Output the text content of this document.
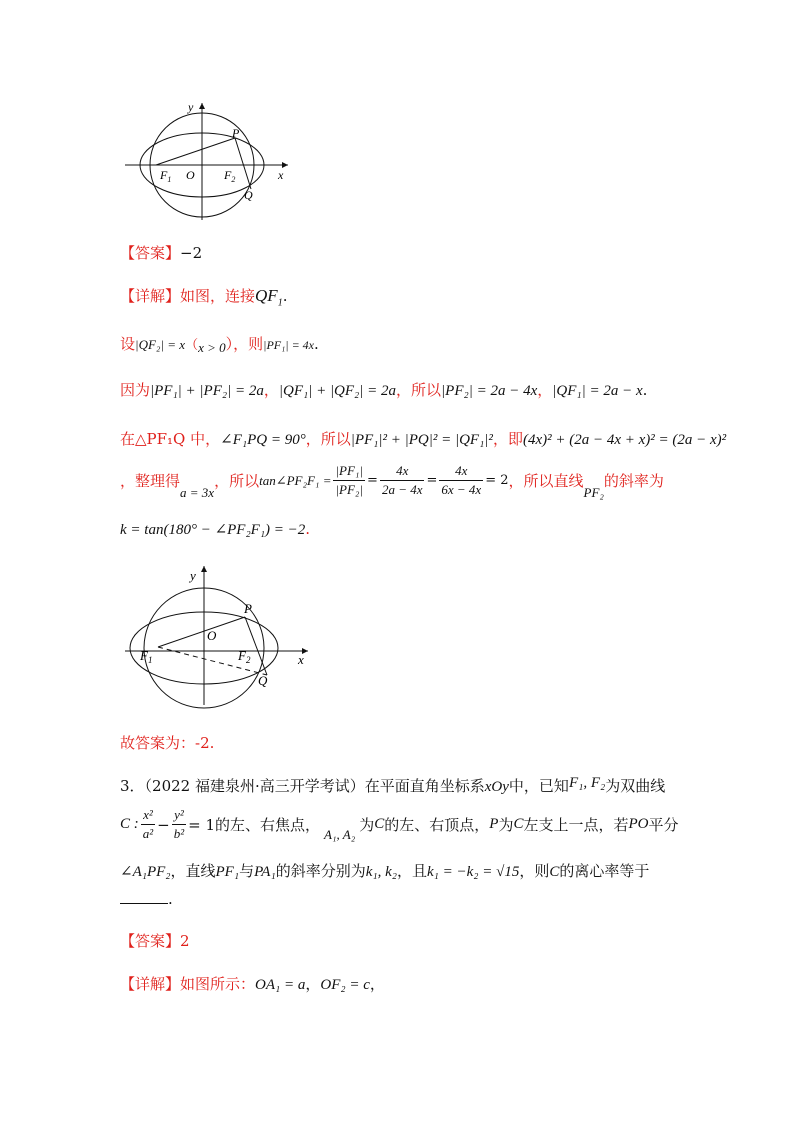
y
x
P
O
$F_1$	$F_2$
Q
【答案】−2
【详解】如图，连接$QF_1$.
设|QF₂| = x（x > 0），则|PF₁| = 4x.
因为|PF₁| + |PF₂| = 2a，|QF₁| + |QF₂| = 2a，所以|PF₂| = 2a − 4x，|QF₁| = 2a − x.
在△PF₁Q 中，∠F₁PQ = 90°，所以|PF₁|² + |PQ|² = |QF₁|²，即(4x)² + (2a − 4x + x)² = (2a − x)²
，整理得
a = 3x
，所以 tan∠PF₂F₁ = $\frac{\text{|PF₁|}}{\text{|PF₂|}} = \frac{4x}{2a - 4x} = \frac{4x}{6x - 4x} = 2$ ，所以直线
PF₂
的斜率为
k = tan(180° − ∠PF₂F₁) = −2.
y
x
P
O
$F_1$	$F_2$
Q
故答案为：-2.
3．（2022 福建泉州·高三开学考试）在平面直角坐标系xOy中，已知F₁, F₂为双曲线
C : $\frac{\text{x²}}{\text{a²}} - \frac{\text{y²}}{\text{b²}} = 1$ 的左、右焦点， A₁, A₂ 为 C 的左、右顶点， P 为 C 左支上一点，若 PO 平分
∠A₁PF₂，直线PF₁与PA₁的斜率分别为k₁, k₂，且k₁ = −k₂ = √15，则C的离心率等于
.
【答案】2
【详解】如图所示：OA₁ = a，OF₂ = c，
